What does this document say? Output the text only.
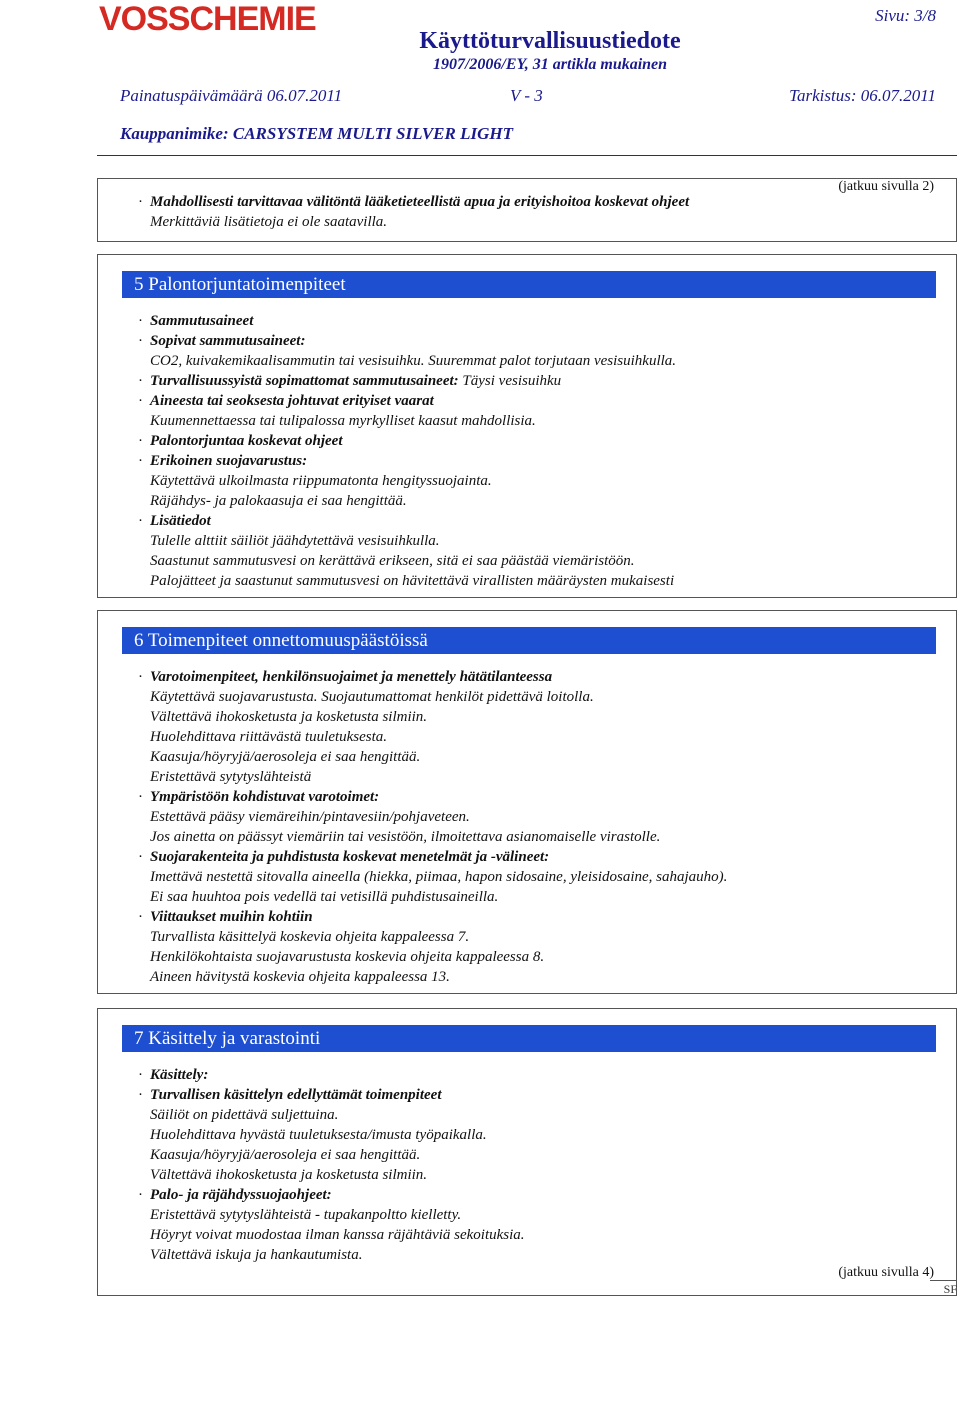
VOSSCHEMIE
Käyttöturvallisuustiedote
1907/2006/EY, 31 artikla mukainen
Sivu: 3/8
Painatuspäivämäärä 06.07.2011	V - 3	Tarkistus: 06.07.2011
Kauppanimike: CARSYSTEM MULTI SILVER LIGHT
(jatkuu sivulla 2)
· Mahdollisesti tarvittavaa välitöntä lääketieteellistä apua ja erityishoitoa koskevat ohjeet
Merkittäviä lisätietoja ei ole saatavilla.
5 Palontorjuntatoimenpiteet
· Sammutusaineet
· Sopivat sammutusaineet:
CO2, kuivakemikaalisammutin tai vesisuihku. Suuremmat palot torjutaan vesisuihkulla.
· Turvallisuussyistä sopimattomat sammutusaineet: Täysi vesisuihku
· Aineesta tai seoksesta johtuvat erityiset vaarat
Kuumennettaessa tai tulipalossa myrkylliset kaasut mahdollisia.
· Palontorjuntaa koskevat ohjeet
· Erikoinen suojavarustus:
Käytettävä ulkoilmasta riippumatonta hengityssuojainta.
Räjähdys- ja palokaasuja ei saa hengittää.
· Lisätiedot
Tulelle alttiit säiliöt jäähdytettävä vesisuihkulla.
Saastunut sammutusvesi on kerättävä erikseen, sitä ei saa päästää viemäristöön.
Palojätteet ja saastunut sammutusvesi on hävitettävä virallisten määräysten mukaisesti
6 Toimenpiteet onnettomuuspäästöissä
· Varotoimenpiteet, henkilönsuojaimet ja menettely hätätilanteessa
Käytettävä suojavarustusta. Suojautumattomat henkilöt pidettävä loitolla.
Vältettävä ihokosketusta ja kosketusta silmiin.
Huolehdittava riittävästä tuuletuksesta.
Kaasuja/höyryjä/aerosoleja ei saa hengittää.
Eristettävä sytytyslähteistä
· Ympäristöön kohdistuvat varotoimet:
Estettävä pääsy viemäreihin/pintavesiin/pohjaveteen.
Jos ainetta on päässyt viemäriin tai vesistöön, ilmoitettava asianomaiselle virastolle.
· Suojarakenteita ja puhdistusta koskevat menetelmät ja -välineet:
Imettävä nestettä sitovalla aineella (hiekka, piimaa, hapon sidosaine, yleisidosaine, sahajauho).
Ei saa huuhtoa pois vedellä tai vetisillä puhdistusaineilla.
· Viittaukset muihin kohtiin
Turvallista käsittelyä koskevia ohjeita kappaleessa 7.
Henkilökohtaista suojavarustusta koskevia ohjeita kappaleessa 8.
Aineen hävitystä koskevia ohjeita kappaleessa 13.
7 Käsittely ja varastointi
· Käsittely:
· Turvallisen käsittelyn edellyttämät toimenpiteet
Säiliöt on pidettävä suljettuina.
Huolehdittava hyvästä tuuletuksesta/imusta työpaikalla.
Kaasuja/höyryjä/aerosoleja ei saa hengittää.
Vältettävä ihokosketusta ja kosketusta silmiin.
· Palo- ja räjähdyssuojaohjeet:
Eristettävä sytytyslähteistä - tupakanpoltto kielletty.
Höyryt voivat muodostaa ilman kanssa räjähtäviä sekoituksia.
Vältettävä iskuja ja hankautumista.
(jatkuu sivulla 4)
SF
